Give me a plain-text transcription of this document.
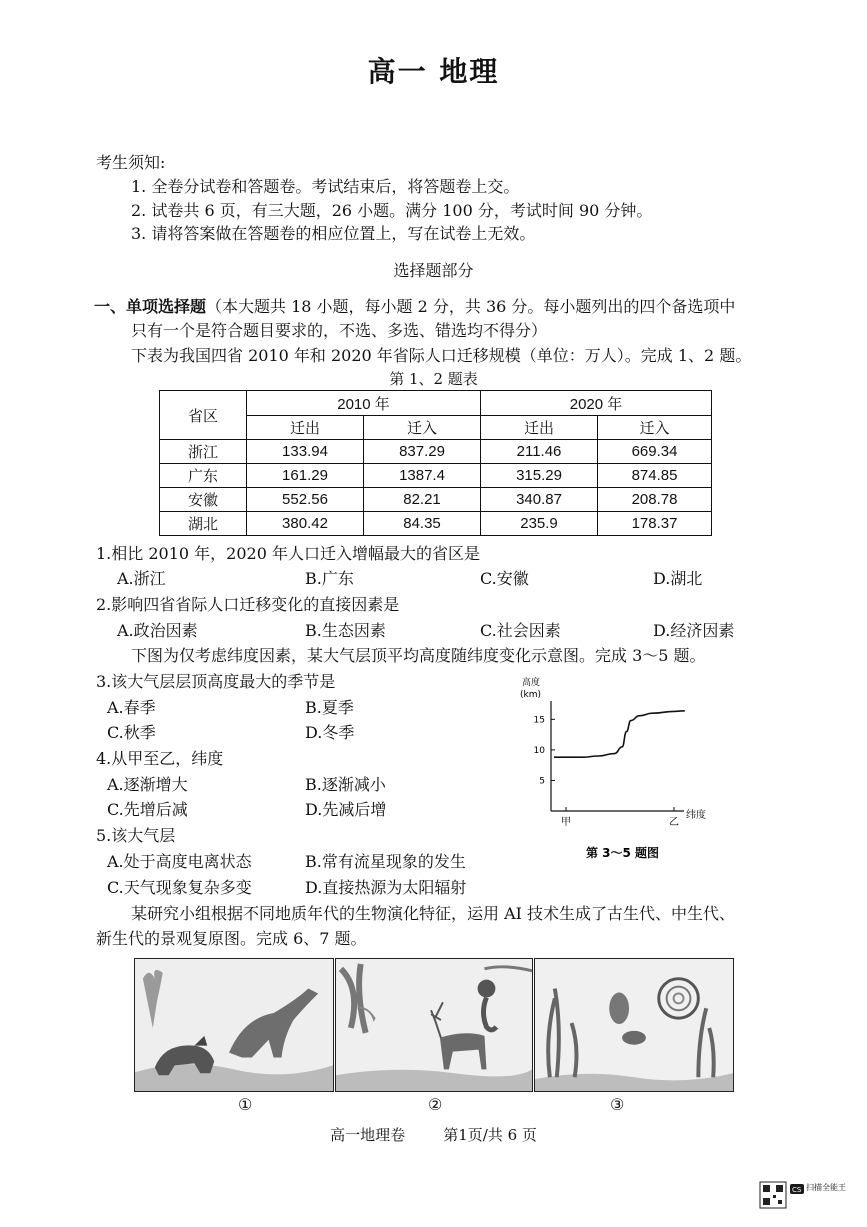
高一 地理
考生须知:
1. 全卷分试卷和答题卷。考试结束后，将答题卷上交。
2. 试卷共 6 页，有三大题，26 小题。满分 100 分，考试时间 90 分钟。
3. 请将答案做在答题卷的相应位置上，写在试卷上无效。
选择题部分
一、单项选择题（本大题共 18 小题，每小题 2 分，共 36 分。每小题列出的四个备选项中
只有一个是符合题目要求的，不选、多选、错选均不得分）
下表为我国四省 2010 年和 2020 年省际人口迁移规模（单位：万人）。完成 1、2 题。
第 1、2 题表
省区	2010 年		2020 年	
	迁出	迁入	迁出	迁入
浙江	133.94	837.29	211.46	669.34
广东	161.29	1387.4	315.29	874.85
安徽	552.56	82.21	340.87	208.78
湖北	380.42	84.35	235.9	178.37
1.相比 2010 年，2020 年人口迁入增幅最大的省区是
A.浙江	B.广东	C.安徽	D.湖北
2.影响四省省际人口迁移变化的直接因素是
A.政治因素	B.生态因素	C.社会因素	D.经济因素
下图为仅考虑纬度因素，某大气层顶平均高度随纬度变化示意图。完成 3～5 题。
3.该大气层层顶高度最大的季节是
A.春季	B.夏季
C.秋季	D.冬季
4.从甲至乙，纬度
A.逐渐增大	B.逐渐减小
C.先增后减	D.先减后增
5.该大气层
A.处于高度电离状态	B.常有流星现象的发生
C.天气现象复杂多变	D.直接热源为太阳辐射
高度
(km)
5
10
15
甲	乙
纬度
第 3～5 题图
某研究小组根据不同地质年代的生物演化特征，运用 AI 技术生成了古生代、中生代、
新生代的景观复原图。完成 6、7 题。
①	②	③
高一地理卷        第1页/共 6 页
CS 扫描全能王
